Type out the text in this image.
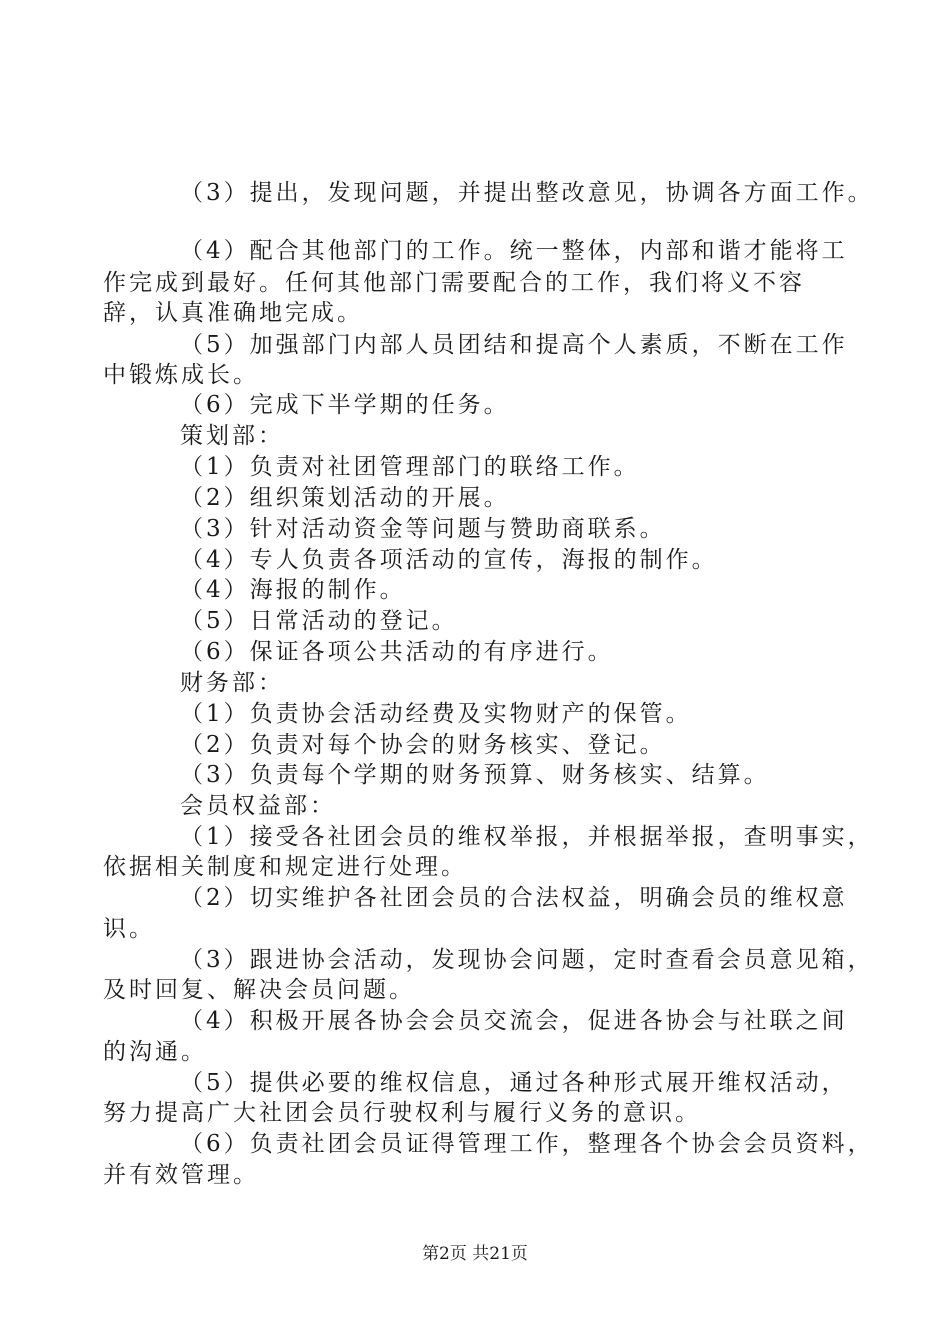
（3）提出，发现问题，并提出整改意见，协调各方面工作。
（4）配合其他部门的工作。统一整体，内部和谐才能将工
作完成到最好。任何其他部门需要配合的工作，我们将义不容
辞，认真准确地完成。
（5）加强部门内部人员团结和提高个人素质，不断在工作
中锻炼成长。
（6）完成下半学期的任务。
策划部：
（1）负责对社团管理部门的联络工作。
（2）组织策划活动的开展。
（3）针对活动资金等问题与赞助商联系。
（4）专人负责各项活动的宣传，海报的制作。
（4）海报的制作。
（5）日常活动的登记。
（6）保证各项公共活动的有序进行。
财务部：
（1）负责协会活动经费及实物财产的保管。
（2）负责对每个协会的财务核实、登记。
（3）负责每个学期的财务预算、财务核实、结算。
会员权益部：
（1）接受各社团会员的维权举报，并根据举报，查明事实，
依据相关制度和规定进行处理。
（2）切实维护各社团会员的合法权益，明确会员的维权意
识。
（3）跟进协会活动，发现协会问题，定时查看会员意见箱，
及时回复、解决会员问题。
（4）积极开展各协会会员交流会，促进各协会与社联之间
的沟通。
（5）提供必要的维权信息，通过各种形式展开维权活动，
努力提高广大社团会员行驶权利与履行义务的意识。
（6）负责社团会员证得管理工作，整理各个协会会员资料，
并有效管理。
第2页 共21页
